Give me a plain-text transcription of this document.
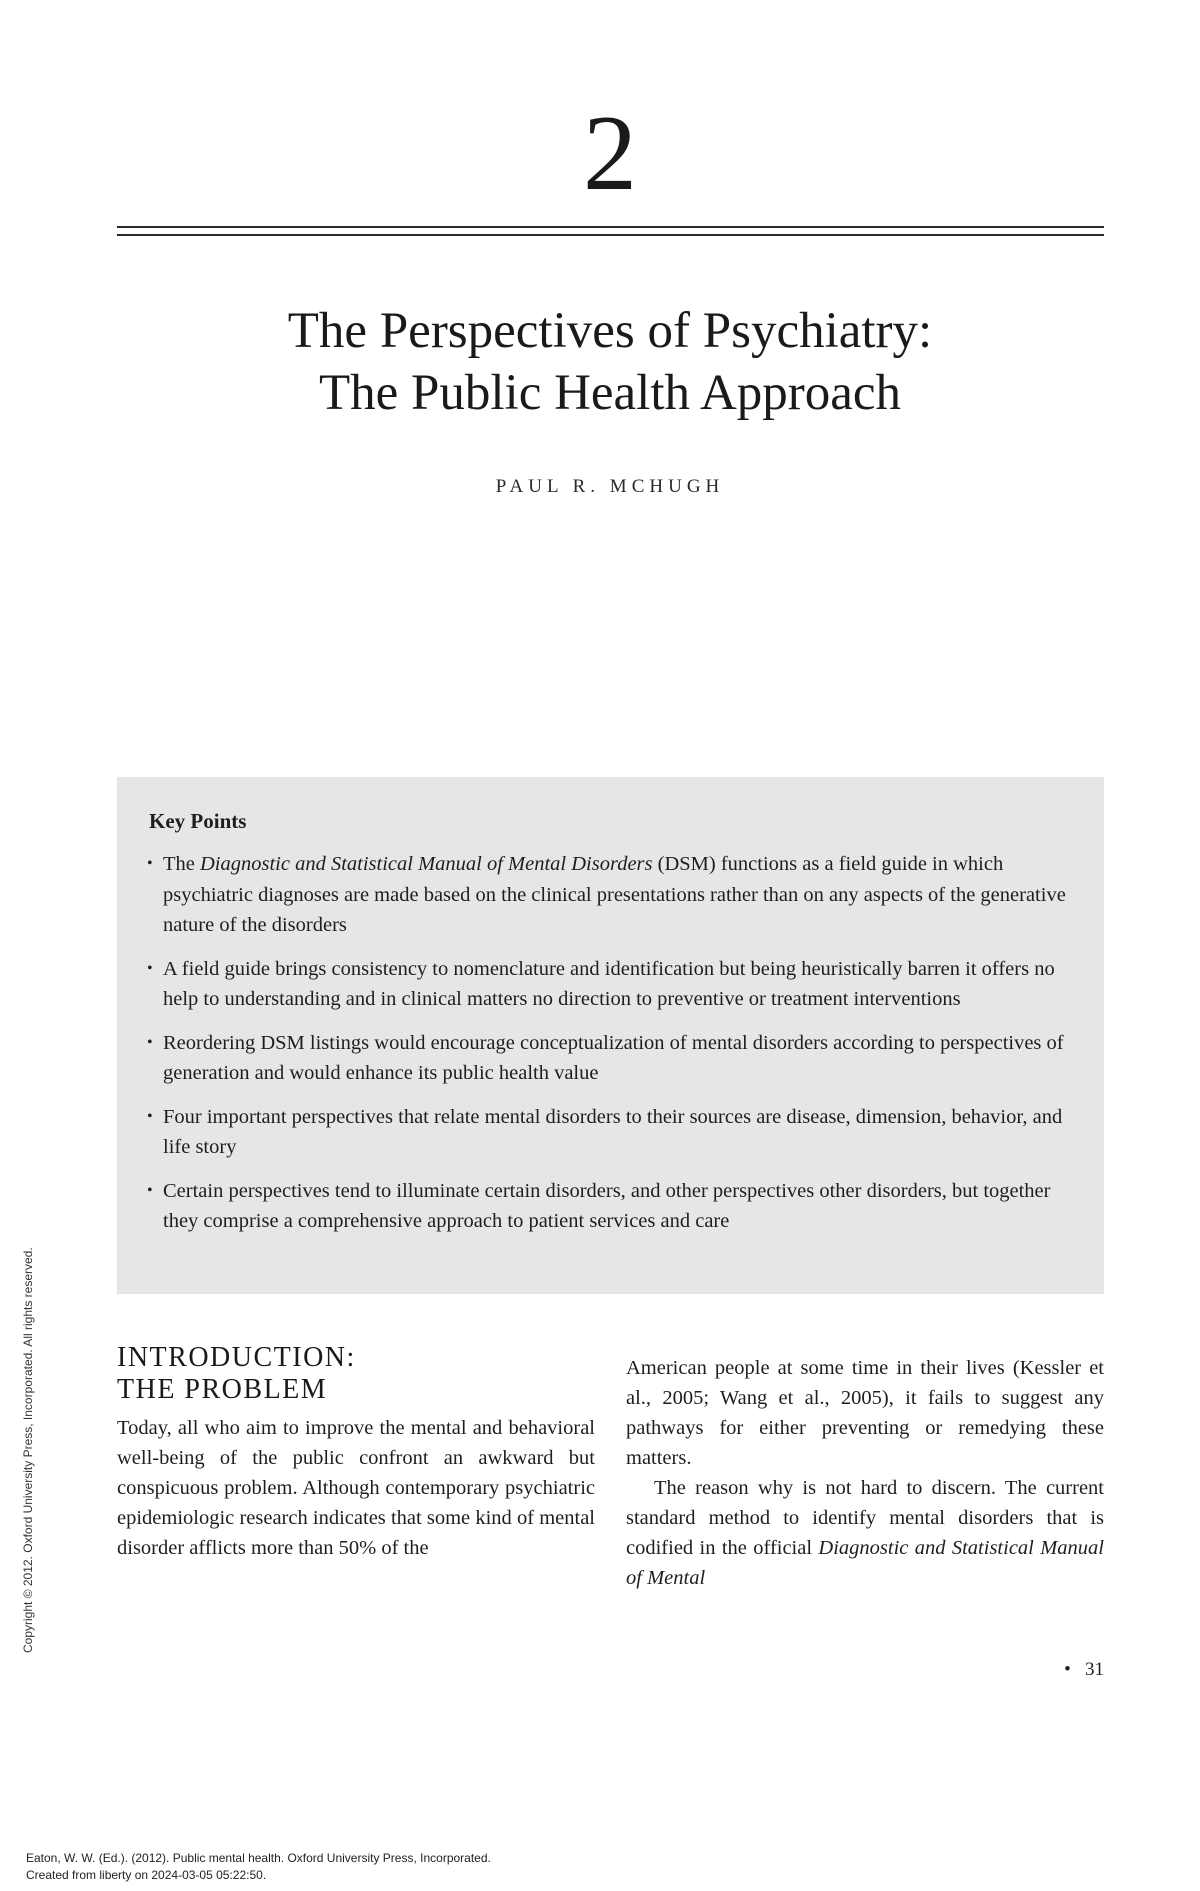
2
The Perspectives of Psychiatry:
The Public Health Approach
PAUL R. MCHUGH
Key Points
• The Diagnostic and Statistical Manual of Mental Disorders (DSM) functions as a field guide in which psychiatric diagnoses are made based on the clinical presentations rather than on any aspects of the generative nature of the disorders
• A field guide brings consistency to nomenclature and identification but being heuristically barren it offers no help to understanding and in clinical matters no direction to preventive or treatment interventions
• Reordering DSM listings would encourage conceptualization of mental disorders according to perspectives of generation and would enhance its public health value
• Four important perspectives that relate mental disorders to their sources are disease, dimension, behavior, and life story
• Certain perspectives tend to illuminate certain disorders, and other perspectives other disorders, but together they comprise a comprehensive approach to patient services and care
INTRODUCTION:
THE PROBLEM

Today, all who aim to improve the mental and behavioral well-being of the public confront an awkward but conspicuous problem. Although contemporary psychiatric epidemiologic research indicates that some kind of mental disorder afflicts more than 50% of the

American people at some time in their lives (Kessler et al., 2005; Wang et al., 2005), it fails to suggest any pathways for either preventing or remedying these matters.

The reason why is not hard to discern. The current standard method to identify mental disorders that is codified in the official Diagnostic and Statistical Manual of Mental

• 31
Copyright © 2012. Oxford University Press, Incorporated. All rights reserved.
Eaton, W. W. (Ed.). (2012). Public mental health. Oxford University Press, Incorporated.
Created from liberty on 2024-03-05 05:22:50.
